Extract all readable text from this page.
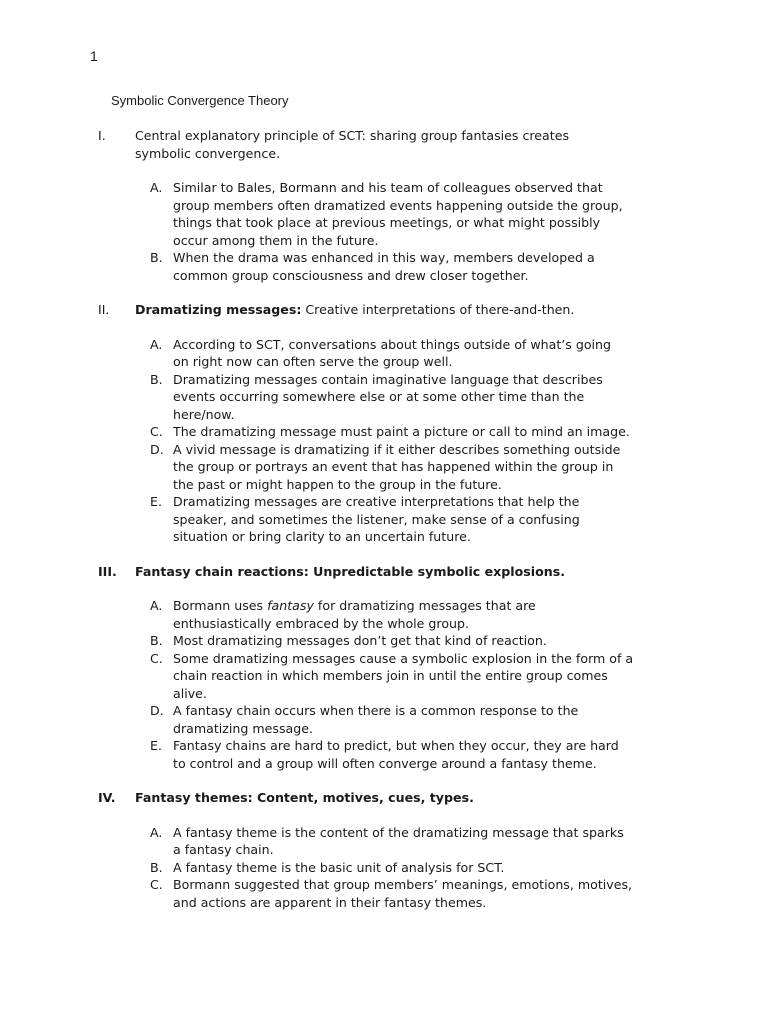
1
Symbolic Convergence Theory
I. Central explanatory principle of SCT: sharing group fantasies creates
symbolic convergence.
A. Similar to Bales, Bormann and his team of colleagues observed that
group members often dramatized events happening outside the group,
things that took place at previous meetings, or what might possibly
occur among them in the future.
B. When the drama was enhanced in this way, members developed a
common group consciousness and drew closer together.
II. Dramatizing messages: Creative interpretations of there-and-then.
A. According to SCT, conversations about things outside of what’s going
on right now can often serve the group well.
B. Dramatizing messages contain imaginative language that describes
events occurring somewhere else or at some other time than the
here/now.
C. The dramatizing message must paint a picture or call to mind an image.
D. A vivid message is dramatizing if it either describes something outside
the group or portrays an event that has happened within the group in
the past or might happen to the group in the future.
E. Dramatizing messages are creative interpretations that help the
speaker, and sometimes the listener, make sense of a confusing
situation or bring clarity to an uncertain future.
III. Fantasy chain reactions: Unpredictable symbolic explosions.
A. Bormann uses fantasy for dramatizing messages that are
enthusiastically embraced by the whole group.
B. Most dramatizing messages don’t get that kind of reaction.
C. Some dramatizing messages cause a symbolic explosion in the form of a
chain reaction in which members join in until the entire group comes
alive.
D. A fantasy chain occurs when there is a common response to the
dramatizing message.
E. Fantasy chains are hard to predict, but when they occur, they are hard
to control and a group will often converge around a fantasy theme.
IV. Fantasy themes: Content, motives, cues, types.
A. A fantasy theme is the content of the dramatizing message that sparks
a fantasy chain.
B. A fantasy theme is the basic unit of analysis for SCT.
C. Bormann suggested that group members’ meanings, emotions, motives,
and actions are apparent in their fantasy themes.
